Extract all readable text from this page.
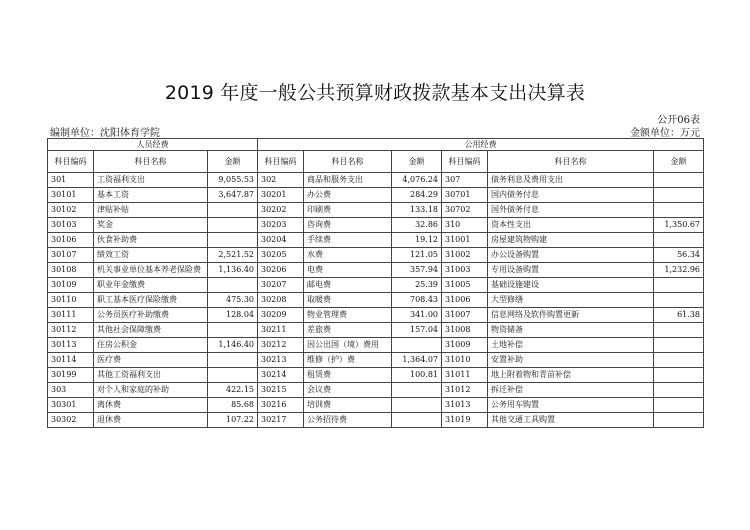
2019 年度一般公共预算财政拨款基本支出决算表
公开06表
编制单位：沈阳体育学院	金额单位：万元
人员经费			公用经费					
科目编码	科目名称	金额	科目编码	科目名称	金额	科目编码	科目名称	金额
301	工资福利支出	9,055.53	302	商品和服务支出	4,076.24	307	债务利息及费用支出	
30101	基本工资	3,647.87	30201	办公费	284.29	30701	国内债务付息	
30102	津贴补贴		30202	印刷费	133.18	30702	国外债务付息	
30103	奖金		30203	咨询费	32.86	310	资本性支出	1,350.67
30106	伙食补助费		30204	手续费	19.12	31001	房屋建筑物购建	
30107	绩效工资	2,521.52	30205	水费	121.05	31002	办公设备购置	56.34
30108	机关事业单位基本养老保险费	1,136.40	30206	电费	357.94	31003	专用设备购置	1,232.96
30109	职业年金缴费		30207	邮电费	25.39	31005	基础设施建设	
30110	职工基本医疗保险缴费	475.30	30208	取暖费	708.43	31006	大型修缮	
30111	公务员医疗补助缴费	128.04	30209	物业管理费	341.00	31007	信息网络及软件购置更新	61.38
30112	其他社会保障缴费		30211	差旅费	157.04	31008	物资储备	
30113	住房公积金	1,146.40	30212	因公出国（境）费用		31009	土地补偿	
30114	医疗费		30213	维修（护）费	1,364.07	31010	安置补助	
30199	其他工资福利支出		30214	租赁费	100.81	31011	地上附着物和青苗补偿	
303	对个人和家庭的补助	422.15	30215	会议费		31012	拆迁补偿	
30301	离休费	85.68	30216	培训费		31013	公务用车购置	
30302	退休费	107.22	30217	公务招待费		31019	其他交通工具购置	
